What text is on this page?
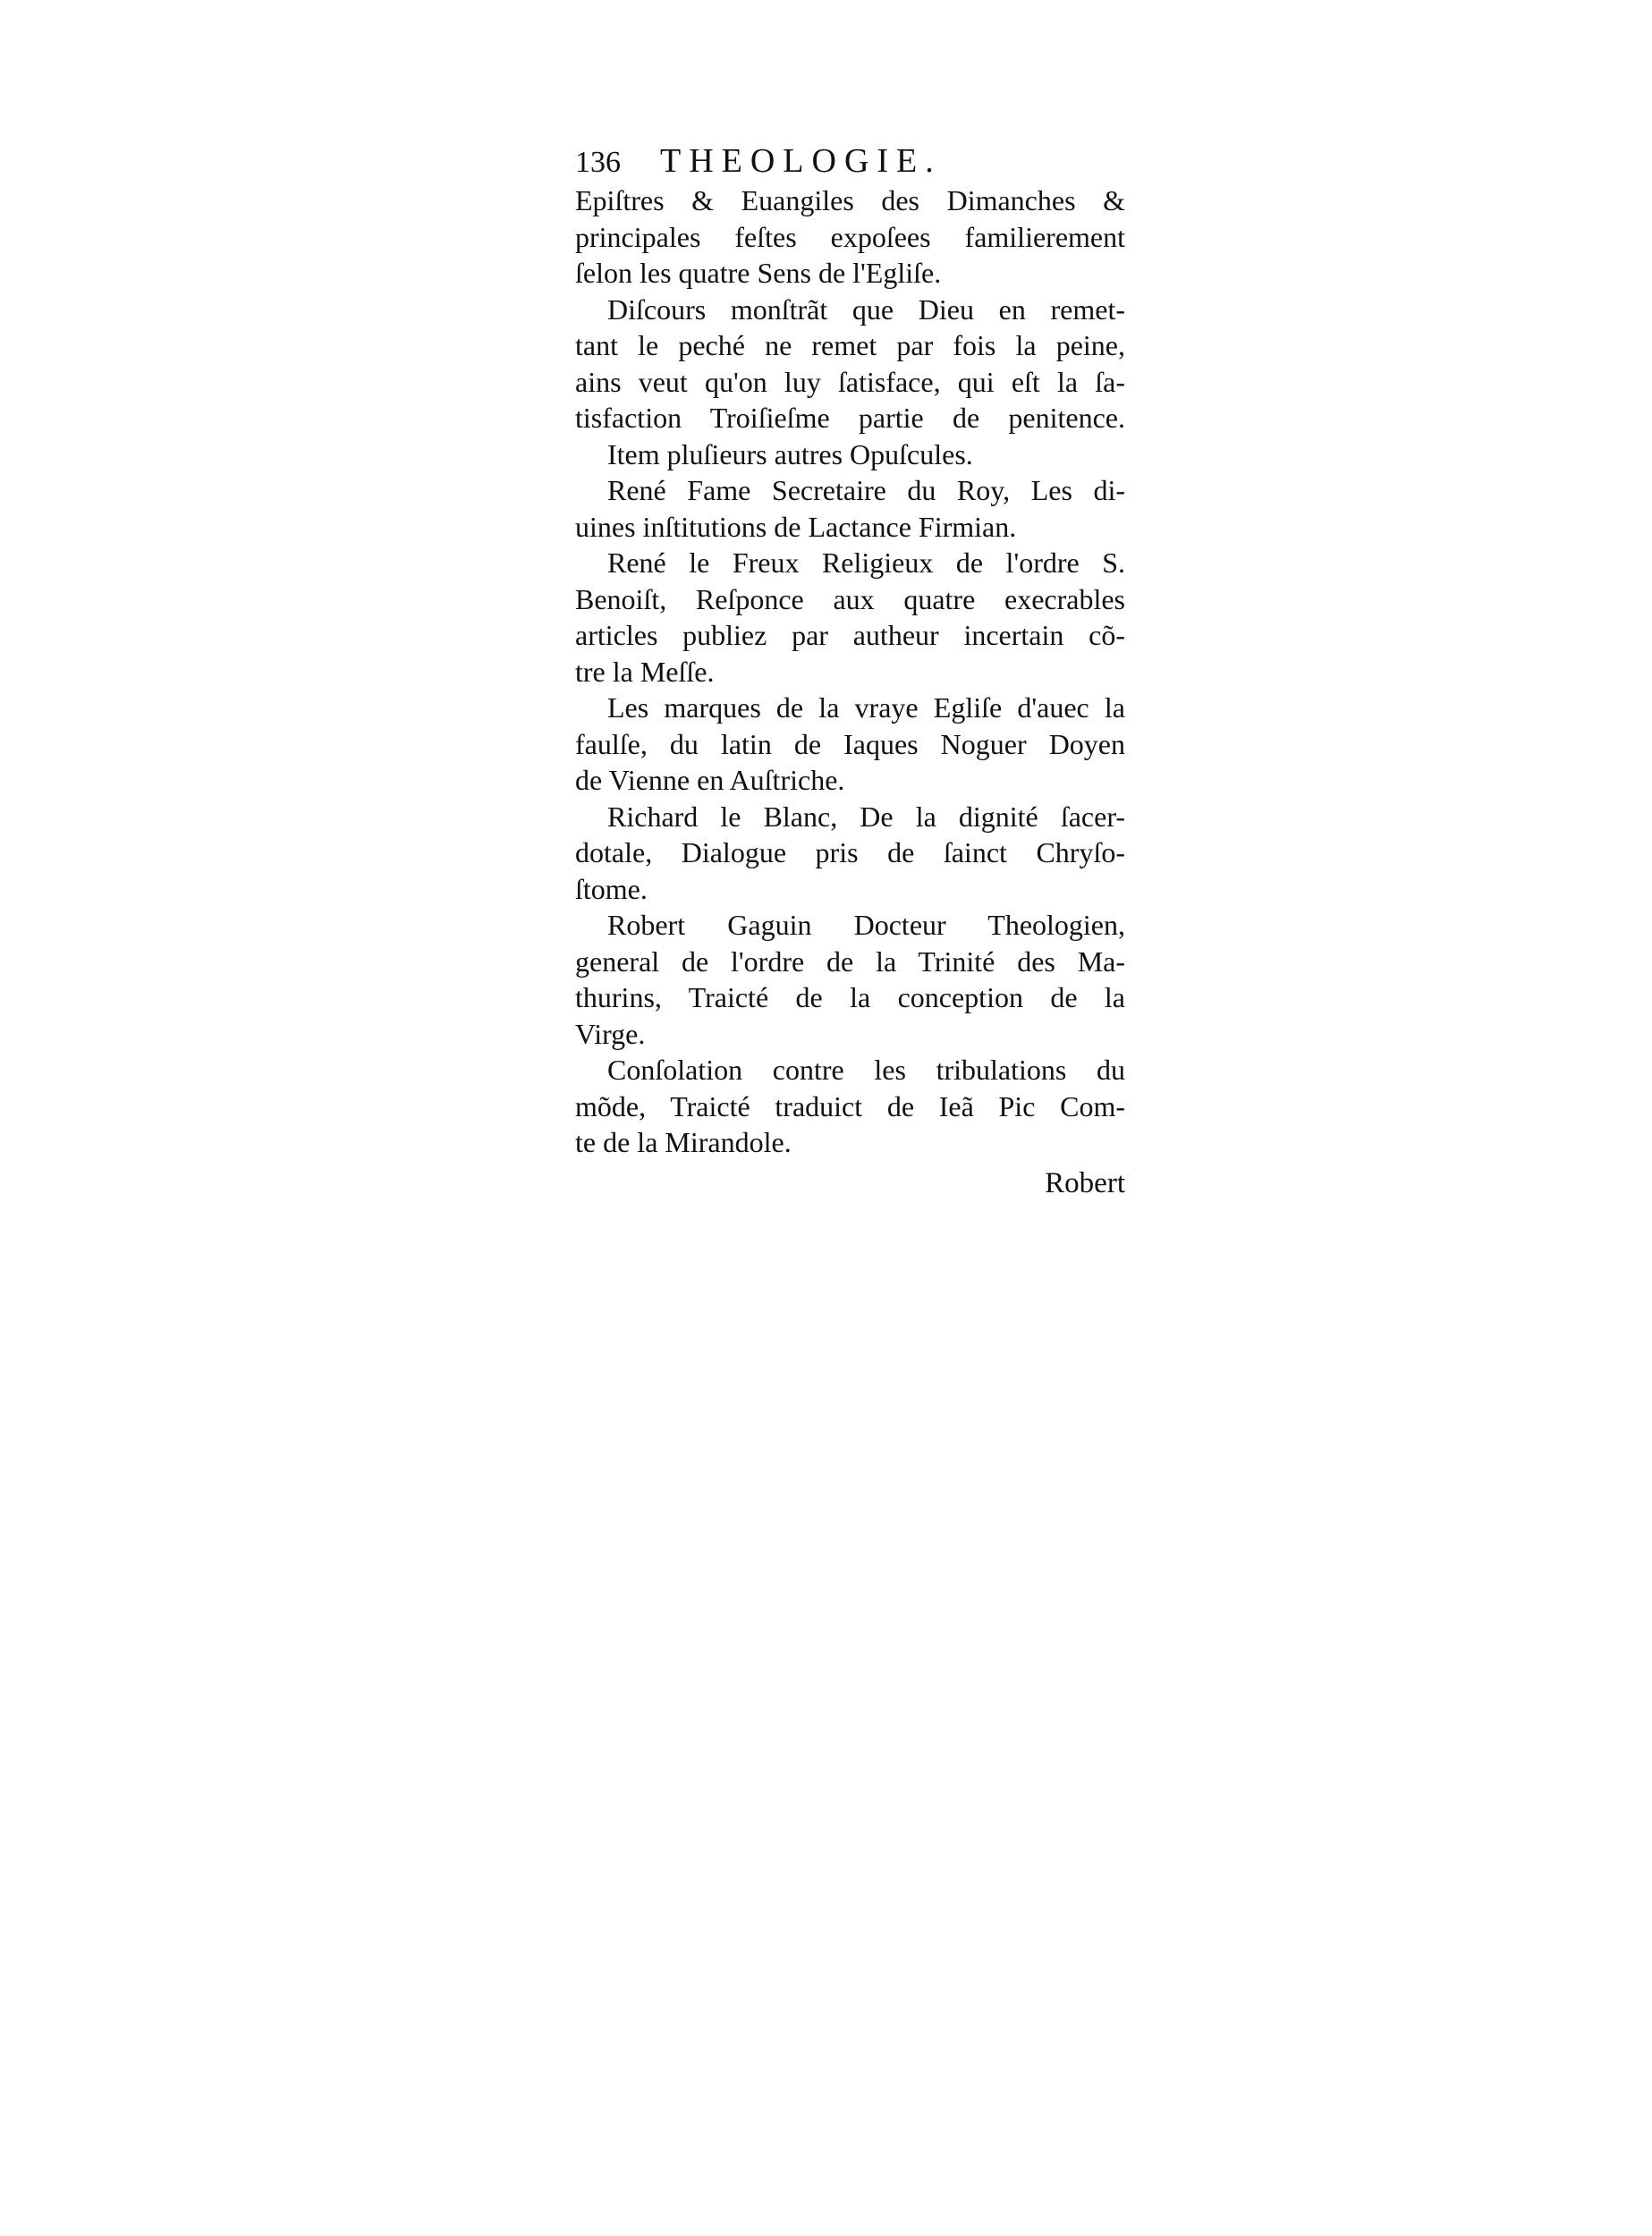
136	THEOLOGIE.
Epiſtres & Euangiles des Dimanches &
principales feſtes expoſees familierement
ſelon les quatre Sens de l'Egliſe.
Diſcours monſtrãt que Dieu en remet-
tant le peché ne remet par fois la peine,
ains veut qu'on luy ſatisface, qui eſt la ſa-
tisfaction Troiſieſme partie de penitence.
Item pluſieurs autres Opuſcules.
René Fame Secretaire du Roy, Les di-
uines inſtitutions de Lactance Firmian.
René le Freux Religieux de l'ordre S.
Benoiſt, Reſponce aux quatre execrables
articles publiez par autheur incertain cõ-
tre la Meſſe.
Les marques de la vraye Egliſe d'auec la
faulſe, du latin de Iaques Noguer Doyen
de Vienne en Auſtriche.
Richard le Blanc, De la dignité ſacer-
dotale, Dialogue pris de ſainct Chryſo-
ſtome.
Robert Gaguin Docteur Theologien,
general de l'ordre de la Trinité des Ma-
thurins, Traicté de la conception de la
Virge.
Conſolation contre les tribulations du
mõde, Traicté traduict de Ieã Pic Com-
te de la Mirandole.
Robert
